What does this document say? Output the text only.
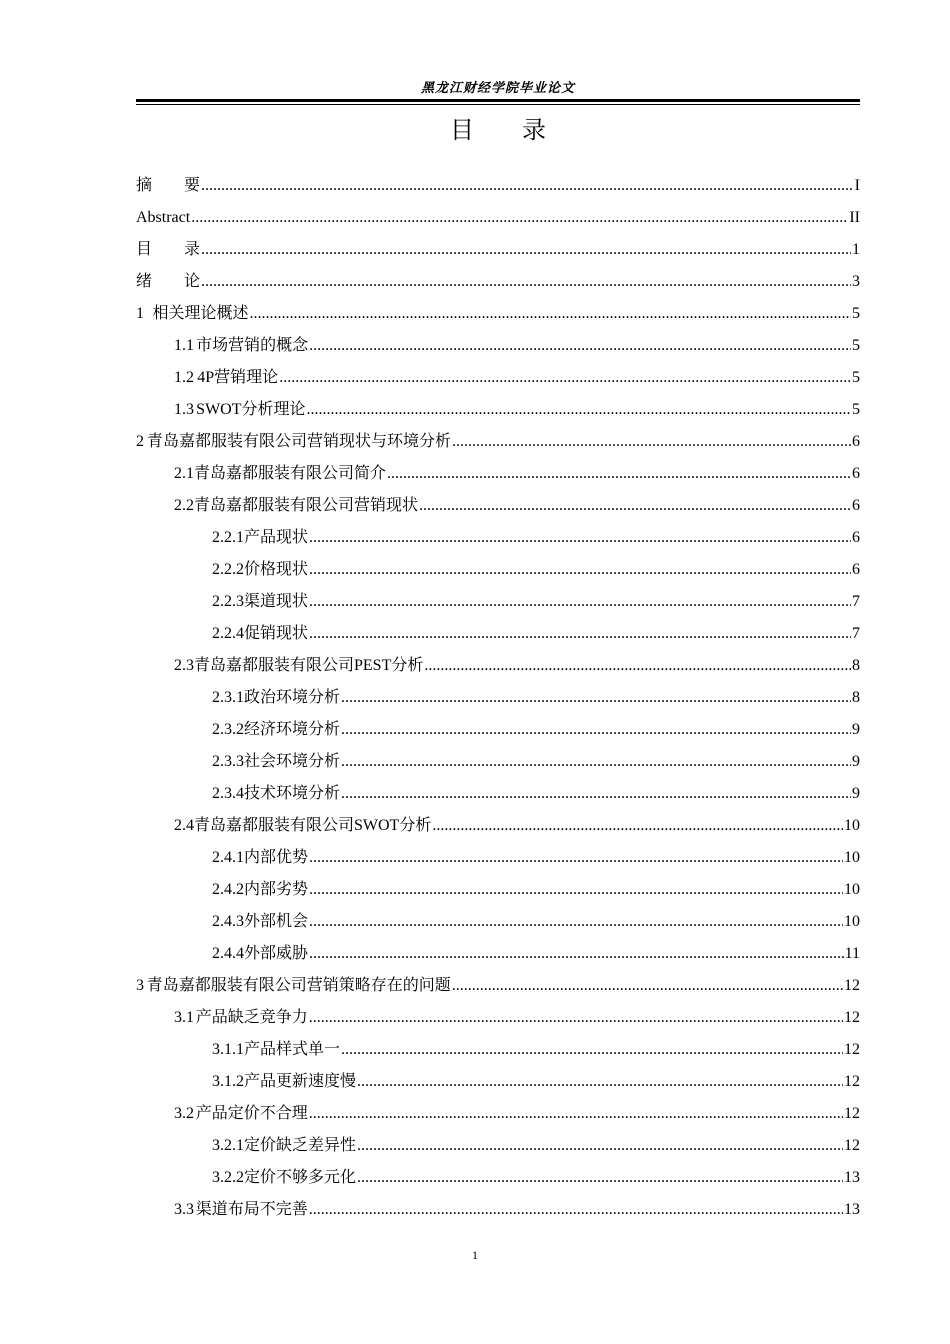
黑龙江财经学院毕业论文
目 录
摘　　要 .....	I
Abstract .....	II
目　　录 .....	1
绪　　论 .....	3
1 相关理论概述 .....	5
1.1 市场营销的概念 .....	5
1.2 4P营销理论 .....	5
1.3 SWOT分析理论 .....	5
2 青岛嘉都服装有限公司营销现状与环境分析 .....	6
2.1 青岛嘉都服装有限公司简介 .....	6
2.2 青岛嘉都服装有限公司营销现状 .....	6
2.2.1 产品现状 .....	6
2.2.2 价格现状 .....	6
2.2.3 渠道现状 .....	7
2.2.4 促销现状 .....	7
2.3 青岛嘉都服装有限公司PEST分析 .....	8
2.3.1 政治环境分析 .....	8
2.3.2 经济环境分析 .....	9
2.3.3 社会环境分析 .....	9
2.3.4 技术环境分析 .....	9
2.4 青岛嘉都服装有限公司SWOT分析 .....	10
2.4.1 内部优势 .....	10
2.4.2 内部劣势 .....	10
2.4.3 外部机会 .....	10
2.4.4 外部威胁 .....	11
3 青岛嘉都服装有限公司营销策略存在的问题 .....	12
3.1 产品缺乏竞争力 .....	12
3.1.1 产品样式单一 .....	12
3.1.2 产品更新速度慢 .....	12
3.2 产品定价不合理 .....	12
3.2.1 定价缺乏差异性 .....	12
3.2.2 定价不够多元化 .....	13
3.3 渠道布局不完善 .....	13
1
